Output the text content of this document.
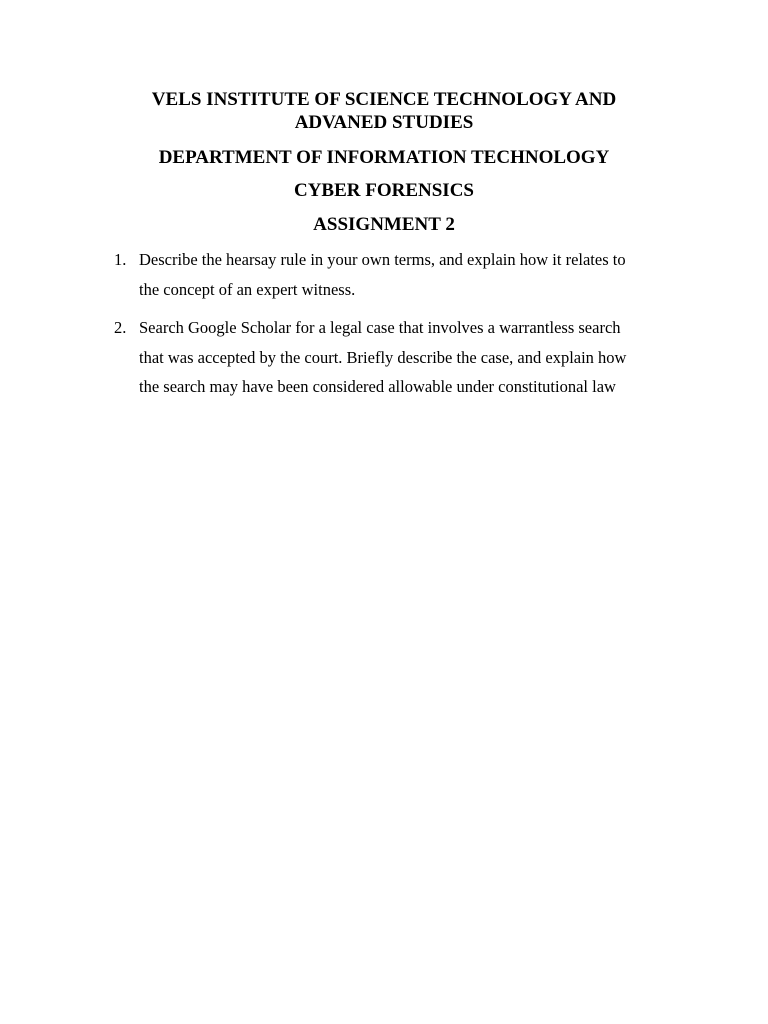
VELS INSTITUTE OF SCIENCE TECHNOLOGY AND
ADVANED STUDIES
DEPARTMENT OF INFORMATION TECHNOLOGY
CYBER FORENSICS
ASSIGNMENT 2
1. Describe the hearsay rule in your own terms, and explain how it relates to
the concept of an expert witness.
2. Search Google Scholar for a legal case that involves a warrantless search
that was accepted by the court. Briefly describe the case, and explain how
the search may have been considered allowable under constitutional law
